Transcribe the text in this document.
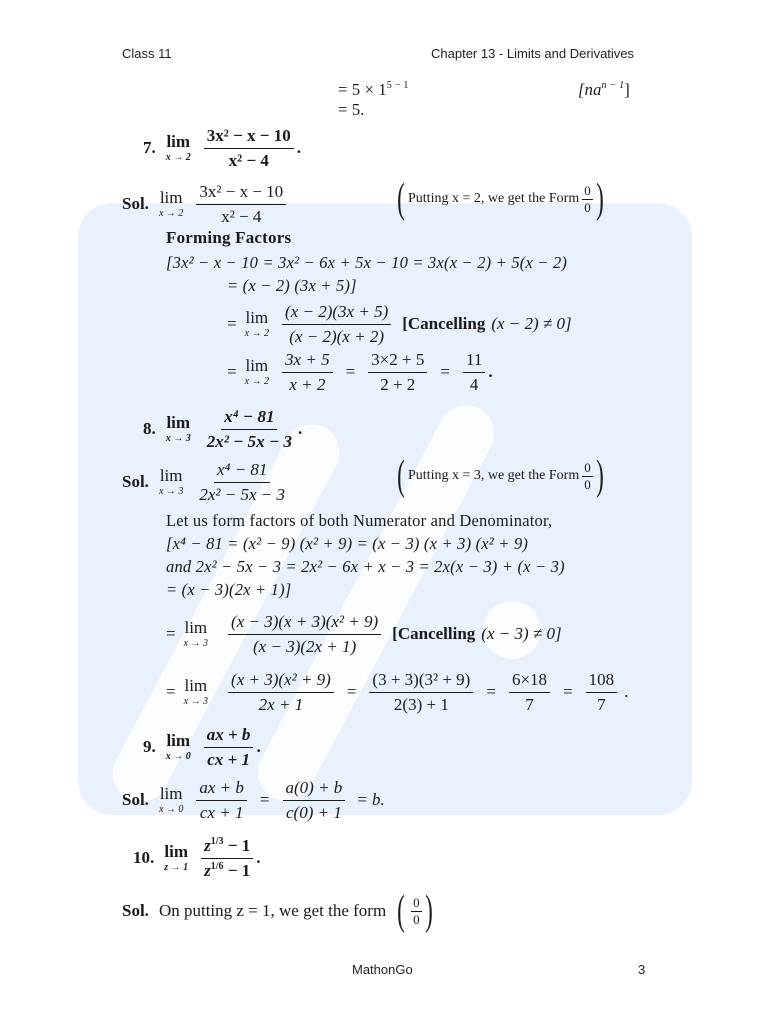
Class 11	Chapter 13 - Limits and Derivatives
= $5 \times 1^{5 - 1}$	$[na^{n - 1}]$
= 5.
7. lim
$x \to 2 \frac{\text{3x² − x − 10}}{\text{x² − 4}}$ .
Sol. lim
$x \to 2 \frac{\text{3x² − x − 10}}{\text{x² − 4}}$	( Putting x = 2, we get the Form $\frac{0}{0}$ )
Forming Factors
[3x² − x − 10 = 3x² − 6x + 5x − 10 = 3x(x − 2) + 5(x − 2)
= (x − 2) (3x + 5)]
= lim
$x \to 2 \frac{(x - 2)(3x + 5)}{(x - 2)(x + 2)}$ [Cancelling (x − 2) ≠ 0]
= lim
$x \to 2 \frac{3x + 5}{x + 2} = \frac{3\times 2 + 5}{2 + 2} = \frac{11}{4}$ .
8. lim
$x \to 3 \frac{\text{x⁴ − 81}}{\text{2x² − 5x − 3}}$ .
Sol. lim
$x \to 3 \frac{\text{x⁴ − 81}}{\text{2x² − 5x − 3}}$	( Putting x = 3, we get the Form $\frac{0}{0}$ )
Let us form factors of both Numerator and Denominator,
[x⁴ − 81 = (x² − 9) (x² + 9) = (x − 3) (x + 3) (x² + 9)
and 2x² − 5x − 3 = 2x² − 6x + x − 3 = 2x(x − 3) + (x − 3)
= (x − 3)(2x + 1)]
= lim
$x \to 3 \frac{\text{(x − 3)(x + 3)(x² + 9)}}{(x - 3)(2x + 1)}$ [Cancelling (x − 3) ≠ 0]
= lim
$x \to 3 \frac{\text{(x + 3)(x² + 9)}}{2x + 1} = \frac{\text{(3 + 3)(3² + 9)}}{2(3) + 1} = \frac{6\times 18}{7} = \frac{108}{7}$ .
9. lim
$x \to 0 \frac{ax + b}{cx + 1}$ .
Sol. lim
$x \to 0 \frac{ax + b}{cx + 1} = \frac{a(0) + b}{c(0) + 1} = b$.
10. lim
$z \to 1 \frac{z^{1/3} - 1}{z^{1/6} - 1}$ .
Sol. On putting z = 1, we get the form ( $\frac{0}{0}$ )
MathonGo	3
